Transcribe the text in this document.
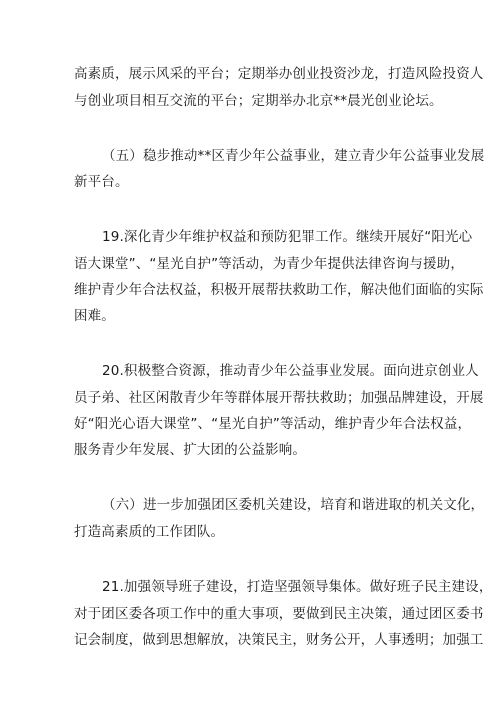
高素质，展示风采的平台；定期举办创业投资沙龙，打造风险投资人
与创业项目相互交流的平台；定期举办北京**晨光创业论坛。
（五）稳步推动**区青少年公益事业，建立青少年公益事业发展
新平台。
19.深化青少年维护权益和预防犯罪工作。继续开展好“阳光心
语大课堂”、“星光自护”等活动，为青少年提供法律咨询与援助，
维护青少年合法权益，积极开展帮扶救助工作，解决他们面临的实际
困难。
20.积极整合资源，推动青少年公益事业发展。面向进京创业人
员子弟、社区闲散青少年等群体展开帮扶救助；加强品牌建设，开展
好“阳光心语大课堂”、“星光自护”等活动，维护青少年合法权益，
服务青少年发展、扩大团的公益影响。
（六）进一步加强团区委机关建设，培育和谐进取的机关文化，
打造高素质的工作团队。
21.加强领导班子建设，打造坚强领导集体。做好班子民主建设，
对于团区委各项工作中的重大事项，要做到民主决策，通过团区委书
记会制度，做到思想解放，决策民主，财务公开，人事透明；加强工
